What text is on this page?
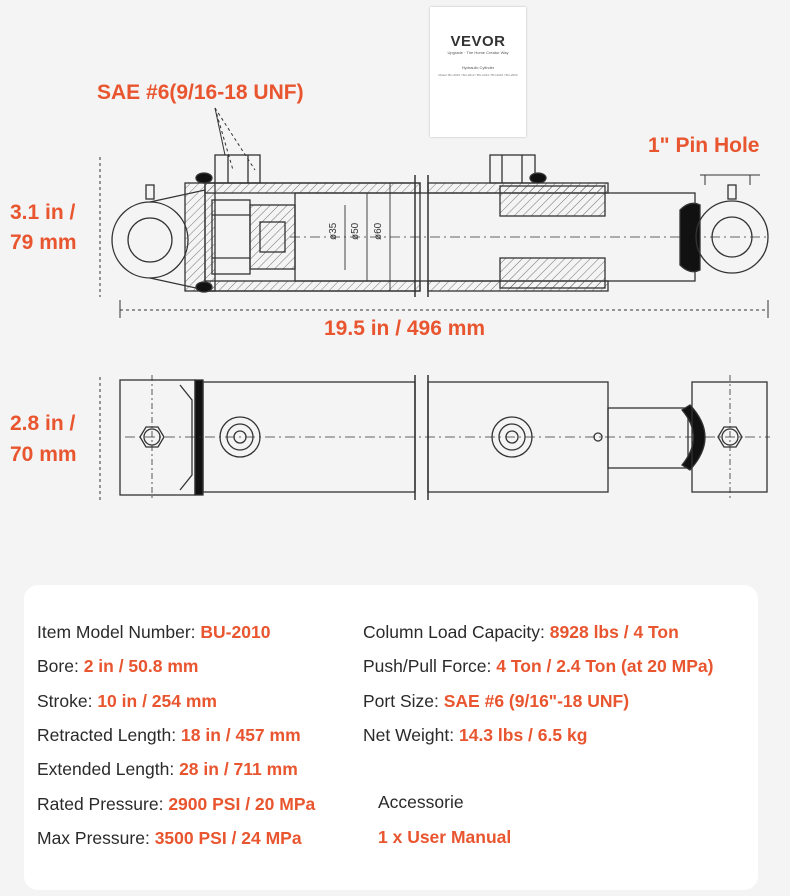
VEVOR
Upgrade · The Home Creator Way
Hydraulic Cylinder
Model: BU-2010 / BU-2012 / BU-2014 / BU-2016 / BU-2020
ø35 ø50 ø60
SAE #6(9/16-18 UNF)
1" Pin Hole
3.1 in /
79 mm
19.5 in / 496 mm
2.8 in /
70 mm
Item Model Number: BU-2010
Bore: 2 in / 50.8 mm
Stroke: 10 in / 254 mm
Retracted Length: 18 in / 457 mm
Extended Length: 28 in / 711 mm
Rated Pressure: 2900 PSI / 20 MPa
Max Pressure: 3500 PSI / 24 MPa
Column Load Capacity: 8928 lbs / 4 Ton
Push/Pull Force: 4 Ton / 2.4 Ton (at 20 MPa)
Port Size: SAE #6 (9/16"-18 UNF)
Net Weight: 14.3 lbs / 6.5 kg
Accessorie
1 x User Manual
